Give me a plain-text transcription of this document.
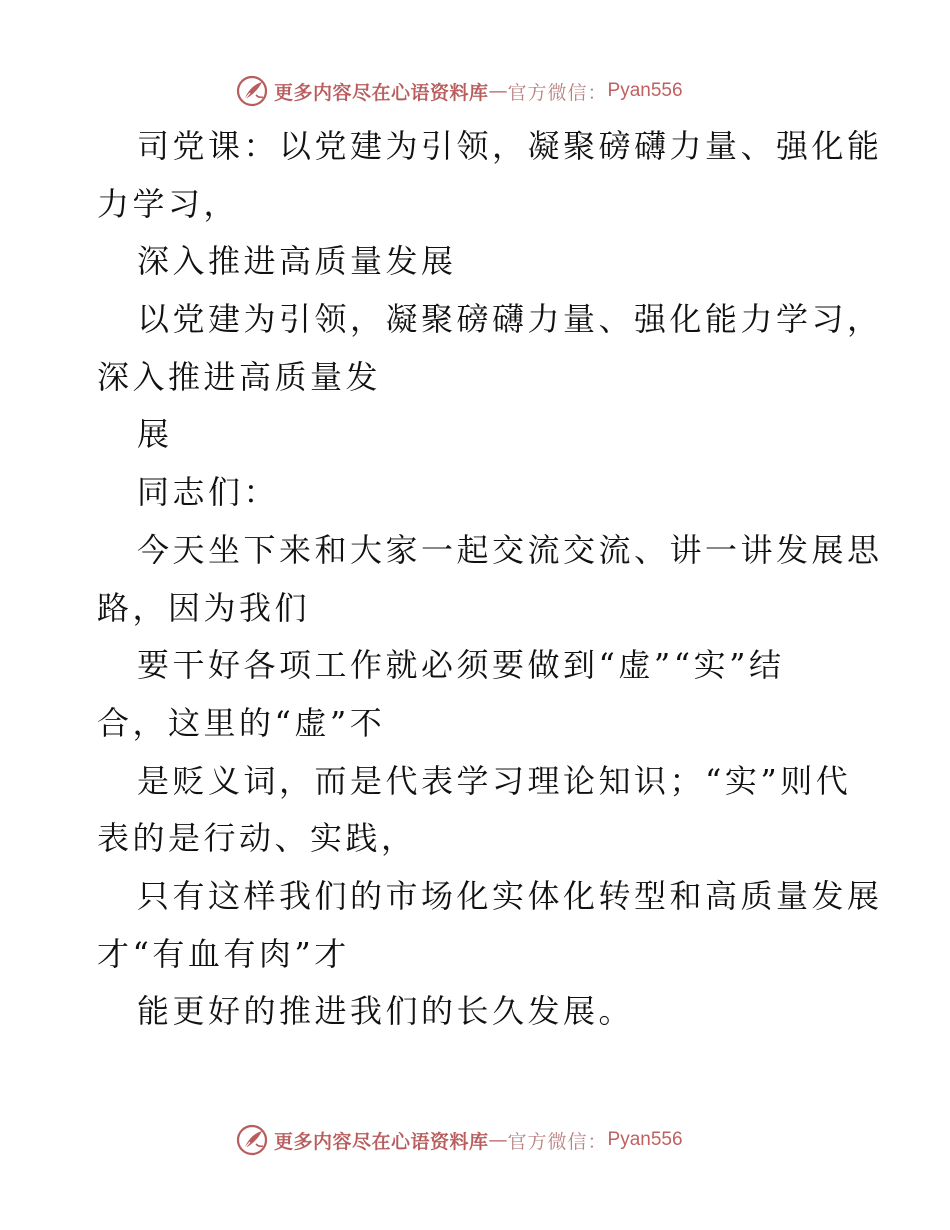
更多内容尽在心语资料库 — 官方微信： Pyan556
司党课：以党建为引领，凝聚磅礴力量、强化能
力学习，
深入推进高质量发展
以党建为引领，凝聚磅礴力量、强化能力学习，
深入推进高质量发
展
同志们：
今天坐下来和大家一起交流交流、讲一讲发展思
路，因为我们
要干好各项工作就必须要做到“虚”“实”结
合，这里的“虚”不
是贬义词，而是代表学习理论知识；“实”则代
表的是行动、实践，
只有这样我们的市场化实体化转型和高质量发展
才“有血有肉”才
能更好的推进我们的长久发展。
更多内容尽在心语资料库 — 官方微信： Pyan556
